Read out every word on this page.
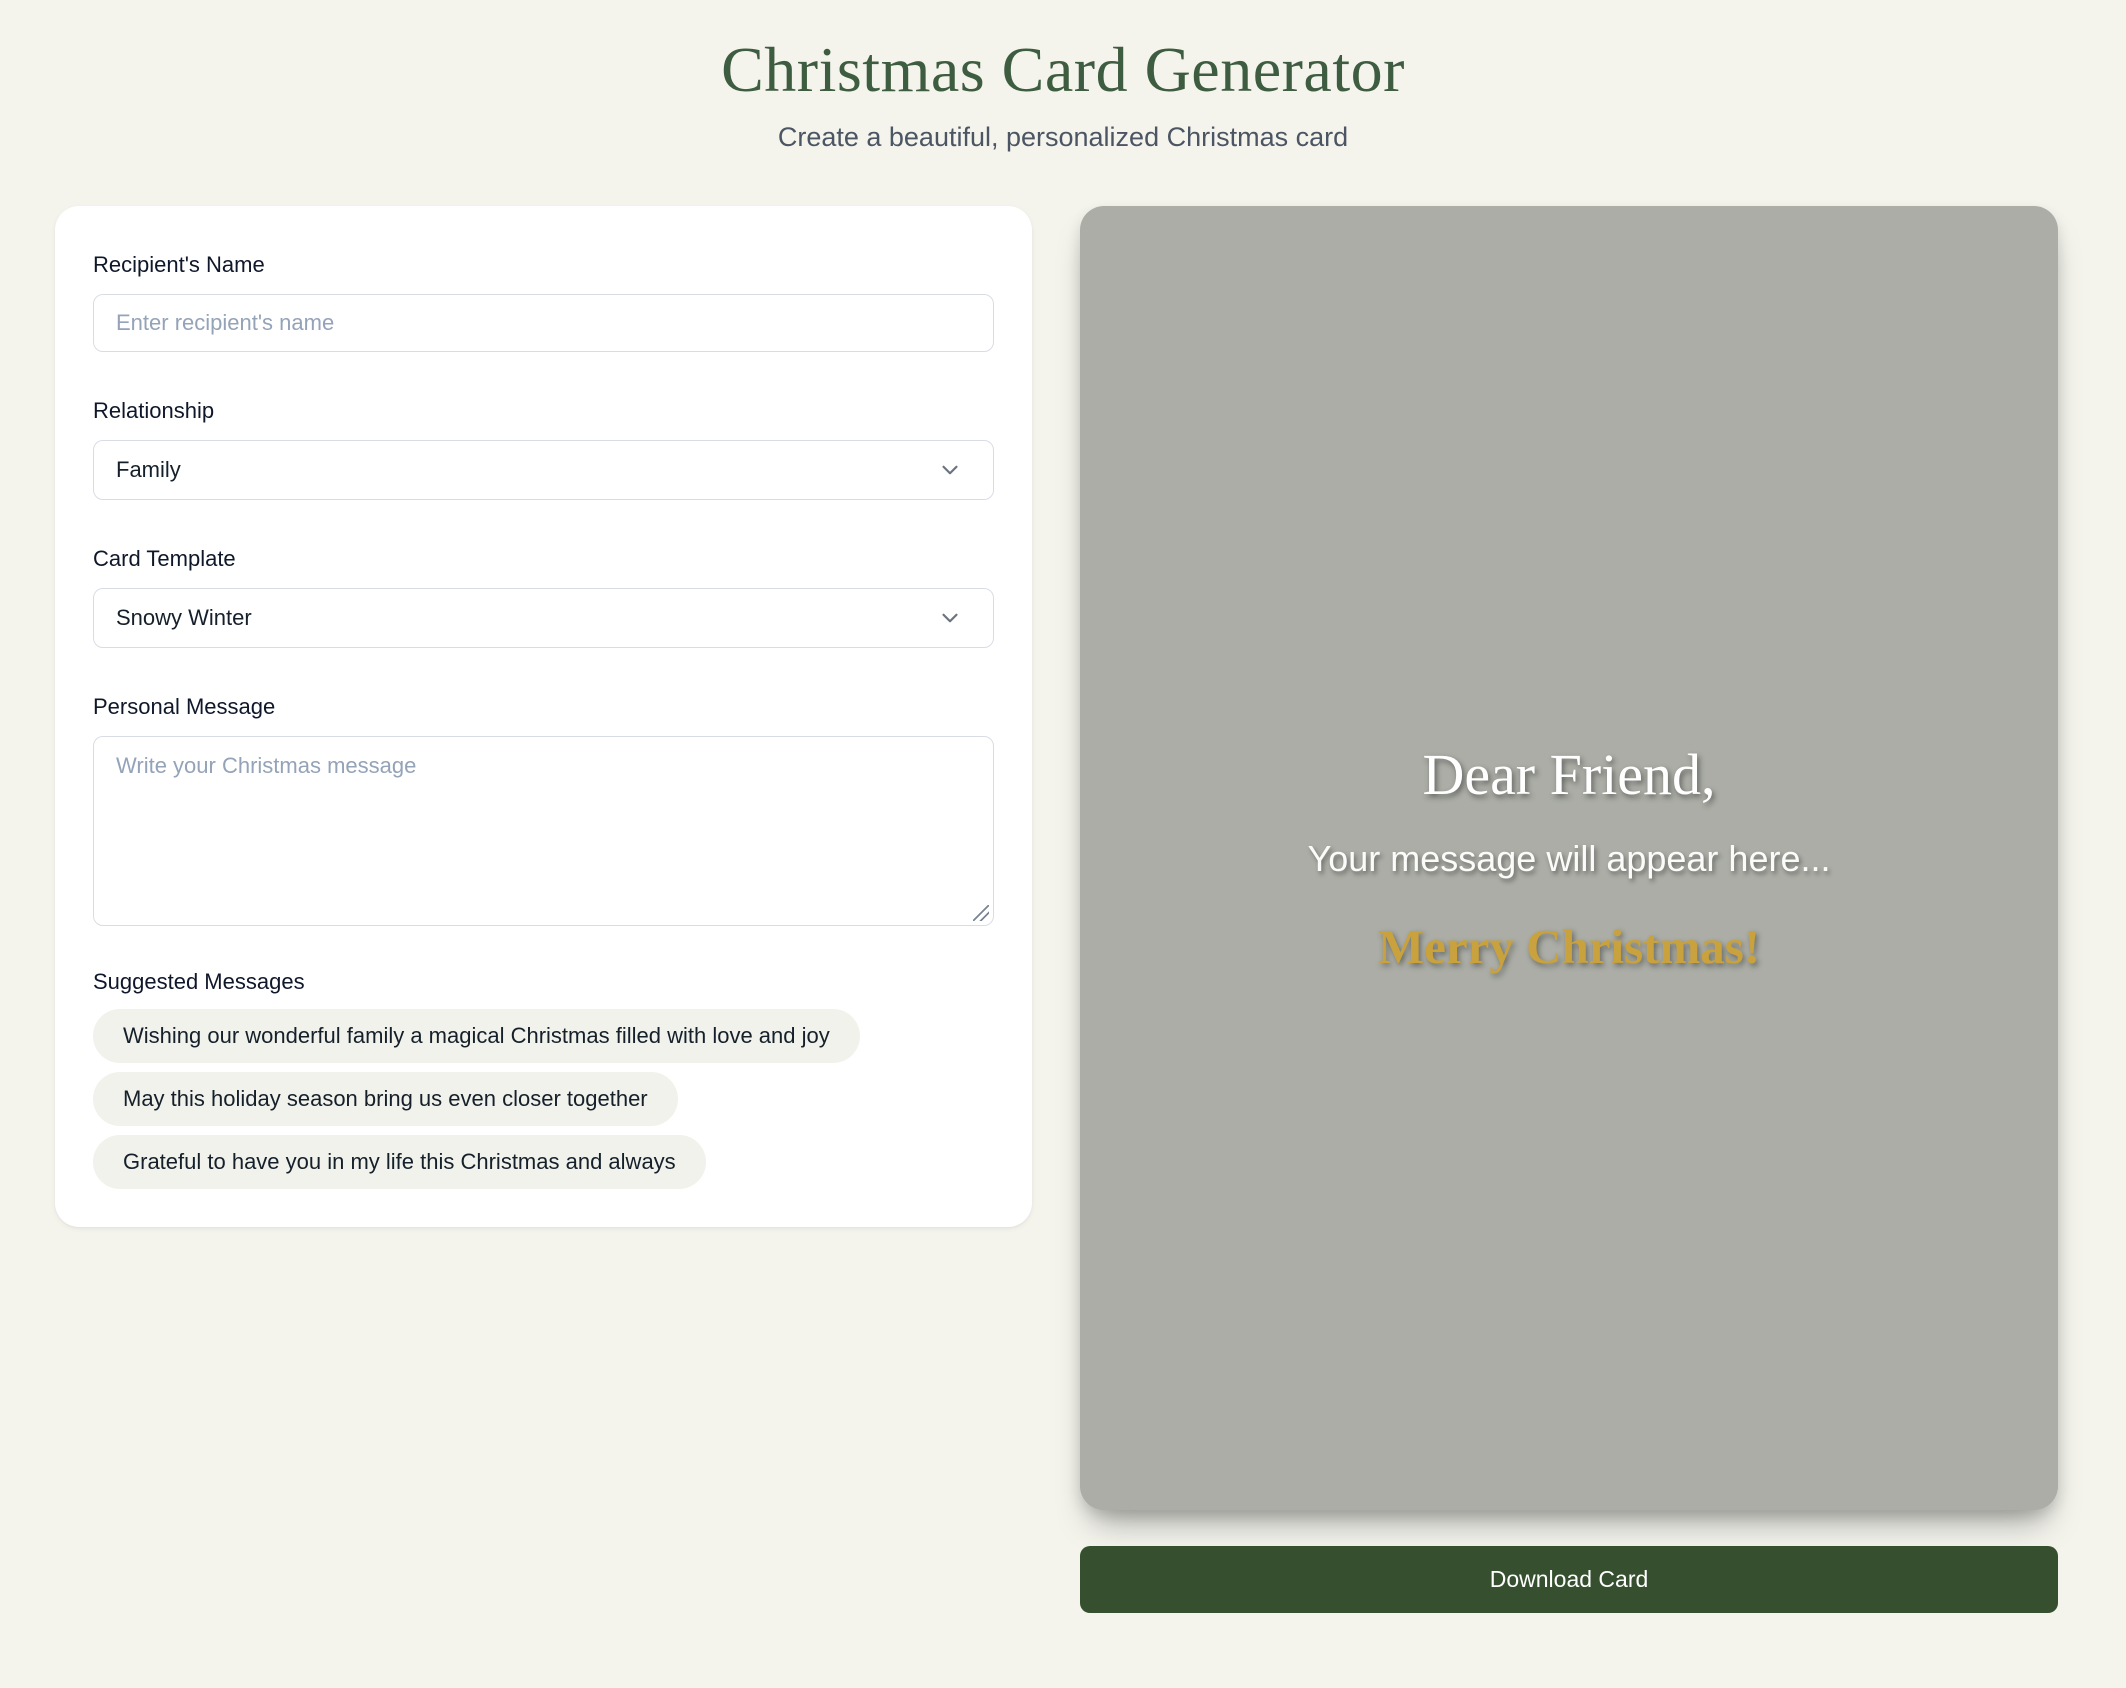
Christmas Card Generator

Create a beautiful, personalized Christmas card

Recipient's Name
Enter recipient's name
Relationship
Family
Card Template
Snowy Winter
Personal Message
Write your Christmas message
Suggested Messages
Wishing our wonderful family a magical Christmas filled with love and joy
May this holiday season bring us even closer together
Grateful to have you in my life this Christmas and always
Dear Friend,
Your message will appear here...
Merry Christmas!
Download Card
